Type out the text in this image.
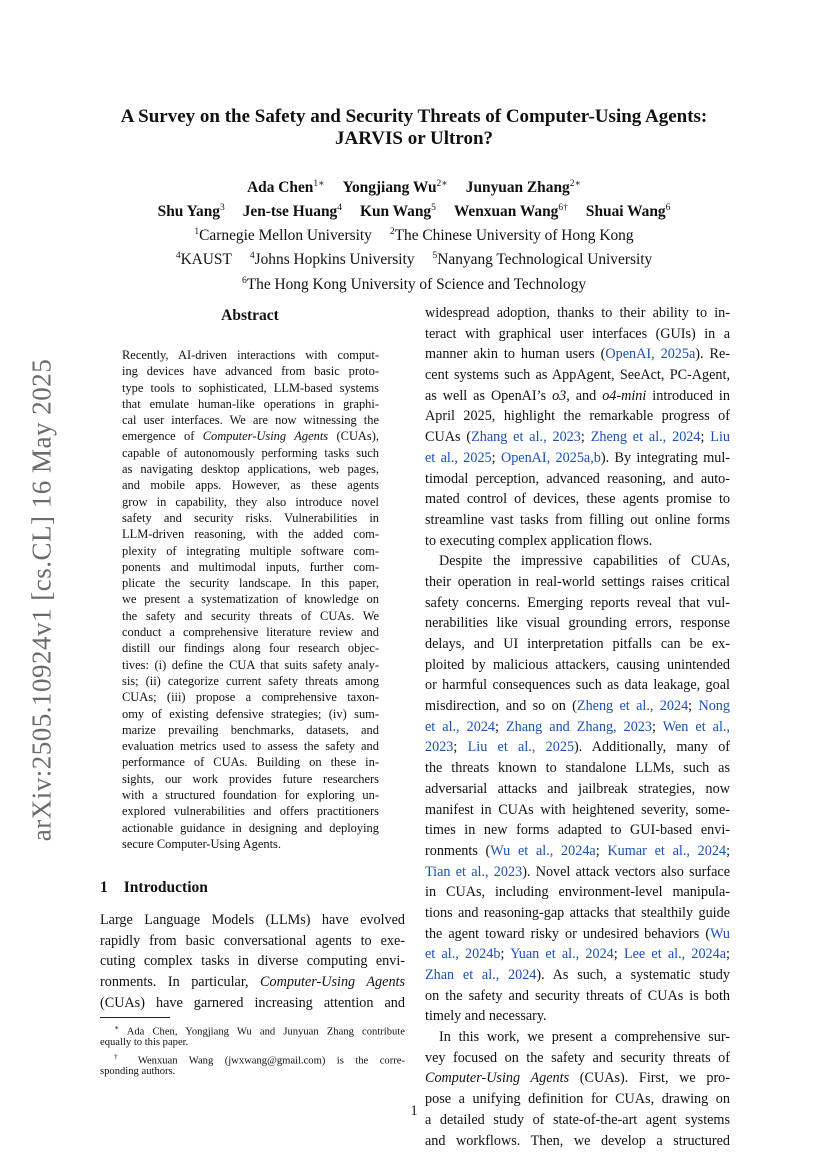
arXiv:2505.10924v1 [cs.CL] 16 May 2025
A Survey on the Safety and Security Threats of Computer-Using Agents:
JARVIS or Ultron?
Ada Chen$^{1∗}$ Yongjiang $Wu^{2∗}$ Junyuan Zhang$^{2∗}$
Shu Yang$^3$ Jen-tse Huang$^4$ Kun Wang$^5$ Wenxuan Wang$^{6\dagger}$ Shuai Wang$^6$
$^1$Carnegie Mellon University $^2$The Chinese University of Hong Kong
$^4$KAUST $^4$Johns Hopkins University $^5$Nanyang Technological University
$^6$The Hong Kong University of Science and Technology
Abstract
Recently, AI-driven interactions with comput-
ing devices have advanced from basic proto-
type tools to sophisticated, LLM-based systems
that emulate human-like operations in graphi-
cal user interfaces. We are now witnessing the
emergence of Computer-Using Agents (CUAs),
capable of autonomously performing tasks such
as navigating desktop applications, web pages,
and mobile apps. However, as these agents
grow in capability, they also introduce novel
safety and security risks. Vulnerabilities in
LLM-driven reasoning, with the added com-
plexity of integrating multiple software com-
ponents and multimodal inputs, further com-
plicate the security landscape. In this paper,
we present a systematization of knowledge on
the safety and security threats of CUAs. We
conduct a comprehensive literature review and
distill our findings along four research objec-
tives: (i) define the CUA that suits safety analy-
sis; (ii) categorize current safety threats among
CUAs; (iii) propose a comprehensive taxon-
omy of existing defensive strategies; (iv) sum-
marize prevailing benchmarks, datasets, and
evaluation metrics used to assess the safety and
performance of CUAs. Building on these in-
sights, our work provides future researchers
with a structured foundation for exploring un-
explored vulnerabilities and offers practitioners
actionable guidance in designing and deploying
secure Computer-Using Agents.
1 Introduction
Large Language Models (LLMs) have evolved
rapidly from basic conversational agents to exe-
cuting complex tasks in diverse computing envi-
ronments. In particular, Computer-Using Agents
(CUAs) have garnered increasing attention and
∗ Ada Chen, Yongjiang Wu and Junyuan Zhang contribute
equally to this paper.
† Wenxuan Wang (jwxwang@gmail.com) is the corre-
sponding authors.
widespread adoption, thanks to their ability to in-
teract with graphical user interfaces (GUIs) in a
manner akin to human users (OpenAI, 2025a). Re-
cent systems such as AppAgent, SeeAct, PC-Agent,
as well as OpenAI’s o3, and o4-mini introduced in
April 2025, highlight the remarkable progress of
CUAs (Zhang et al., 2023; Zheng et al., 2024; Liu
et al., 2025; OpenAI, 2025a,b). By integrating mul-
timodal perception, advanced reasoning, and auto-
mated control of devices, these agents promise to
streamline vast tasks from filling out online forms
to executing complex application flows.
Despite the impressive capabilities of CUAs,
their operation in real-world settings raises critical
safety concerns. Emerging reports reveal that vul-
nerabilities like visual grounding errors, response
delays, and UI interpretation pitfalls can be ex-
ploited by malicious attackers, causing unintended
or harmful consequences such as data leakage, goal
misdirection, and so on (Zheng et al., 2024; Nong
et al., 2024; Zhang and Zhang, 2023; Wen et al.,
2023; Liu et al., 2025). Additionally, many of
the threats known to standalone LLMs, such as
adversarial attacks and jailbreak strategies, now
manifest in CUAs with heightened severity, some-
times in new forms adapted to GUI-based envi-
ronments (Wu et al., 2024a; Kumar et al., 2024;
Tian et al., 2023). Novel attack vectors also surface
in CUAs, including environment-level manipula-
tions and reasoning-gap attacks that stealthily guide
the agent toward risky or undesired behaviors (Wu
et al., 2024b; Yuan et al., 2024; Lee et al., 2024a;
Zhan et al., 2024). As such, a systematic study
on the safety and security threats of CUAs is both
timely and necessary.
In this work, we present a comprehensive sur-
vey focused on the safety and security threats of
Computer-Using Agents (CUAs). First, we pro-
pose a unifying definition for CUAs, drawing on
a detailed study of state-of-the-art agent systems
and workflows. Then, we develop a structured
1
